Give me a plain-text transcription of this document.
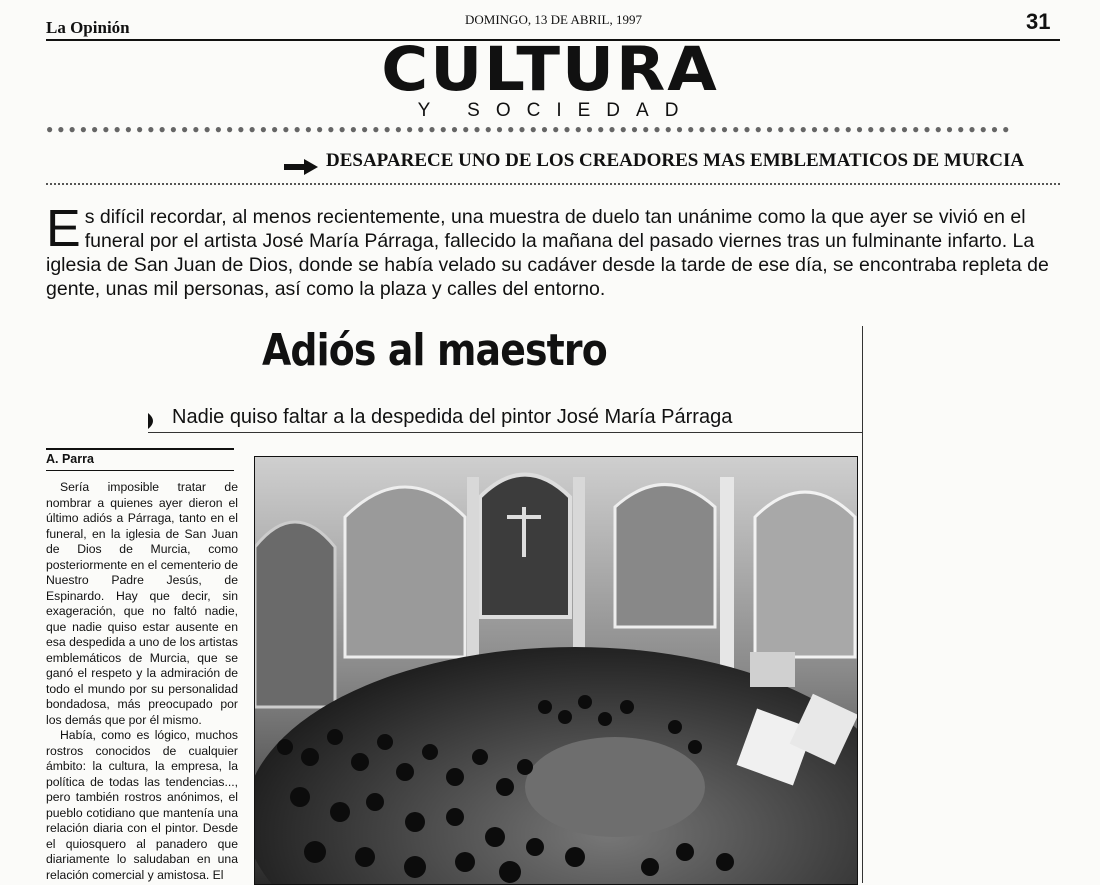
La Opinión	DOMINGO, 13 DE ABRIL, 1997	31
CULTURA
Y SOCIEDAD
●●●●●●●●●●●●●●●●●●●●●●●●●●●●●●●●●●●●●●●●●●●●●●●●●●●●●●●●●●●●●●●●●●●●●●●●●●●●●●●●●●●●●●
DESAPARECE UNO DE LOS CREADORES MAS EMBLEMATICOS DE MURCIA
Es difícil recordar, al menos recientemente, una muestra de duelo tan unánime como la que ayer se vivió en el funeral por el artista José María Párraga, fallecido la mañana del pasado viernes tras un fulminante infarto. La iglesia de San Juan de Dios, donde se había velado su cadáver desde la tarde de ese día, se encontraba repleta de gente, unas mil personas, así como la plaza y calles del entorno.
Adiós al maestro
Nadie quiso faltar a la despedida del pintor José María Párraga
A. Parra

Sería imposible tratar de nombrar a quienes ayer dieron el último adiós a Párraga, tanto en el funeral, en la iglesia de San Juan de Dios de Murcia, como posteriormente en el cementerio de Nuestro Padre Jesús, de Espinardo. Hay que decir, sin exageración, que no faltó nadie, que nadie quiso estar ausente en esa despedida a uno de los artistas emblemáticos de Murcia, que se ganó el respeto y la admiración de todo el mundo por su personalidad bondadosa, más preocupado por los demás que por él mismo.

Había, como es lógico, muchos rostros conocidos de cualquier ámbito: la cultura, la empresa, la política de todas las tendencias..., pero también rostros anónimos, el pueblo cotidiano que mantenía una relación diaria con el pintor. Desde el quiosquero al panadero que diariamente lo saludaban en una relación comercial y amistosa. El
